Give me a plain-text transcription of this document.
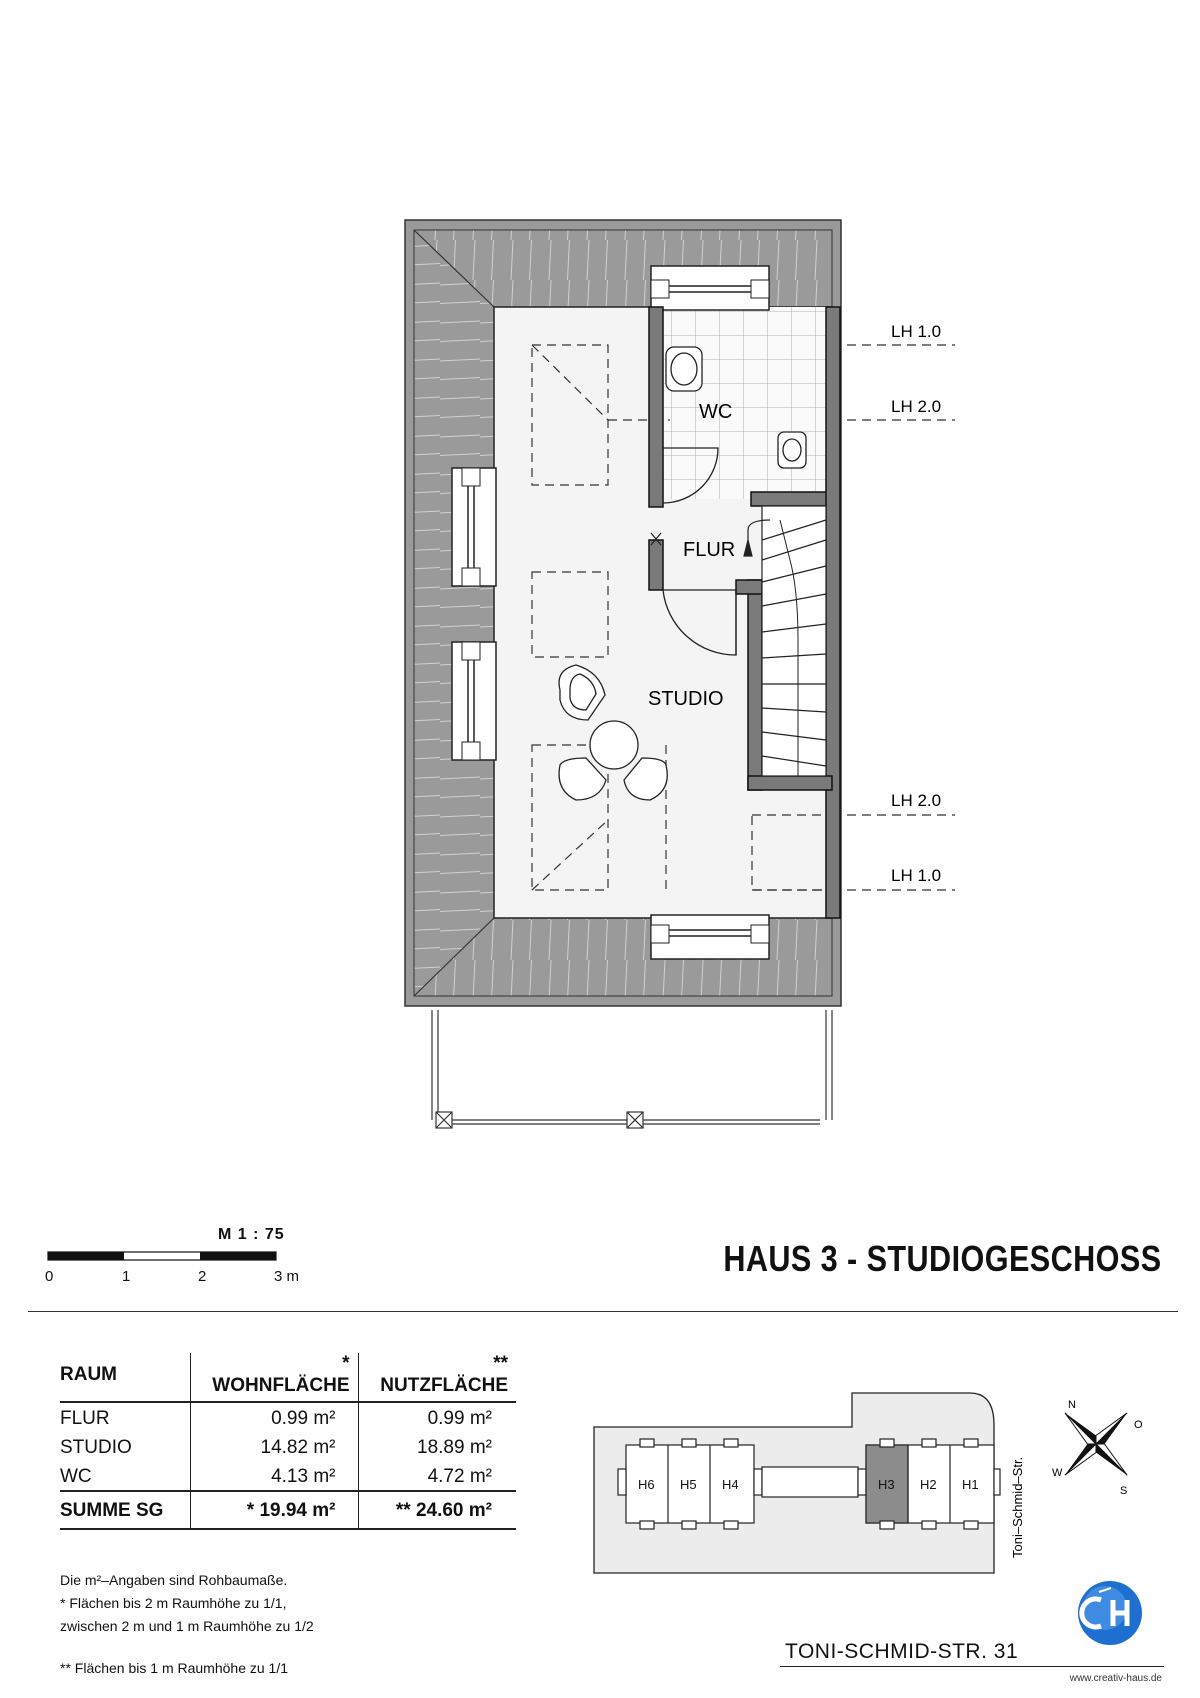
WC
FLUR
STUDIO
LH 1.0
LH 2.0
LH 2.0
LH 1.0
M 1 : 75
0	1	2	3 m	HAUS 3 - STUDIOGESCHOSS
RAUM	* WOHNFLÄCHE	** NUTZFLÄCHE
FLUR	0.99 m²	0.99 m²
STUDIO	14.82 m²	18.89 m²
WC	4.13 m²	4.72 m²
SUMME SG	* 19.94 m²	** 24.60 m²
Die m²–Angaben sind Rohbaumaße.
* Flächen bis 2 m Raumhöhe zu 1/1,
zwischen 2 m und 1 m Raumhöhe zu 1/2
** Flächen bis 1 m Raumhöhe zu 1/1
H6 H5 H4	H3 H2 H1 Toni–Schmid–Str.
N
O
S
W
TONI-SCHMID-STR. 31
www.creativ-haus.de
